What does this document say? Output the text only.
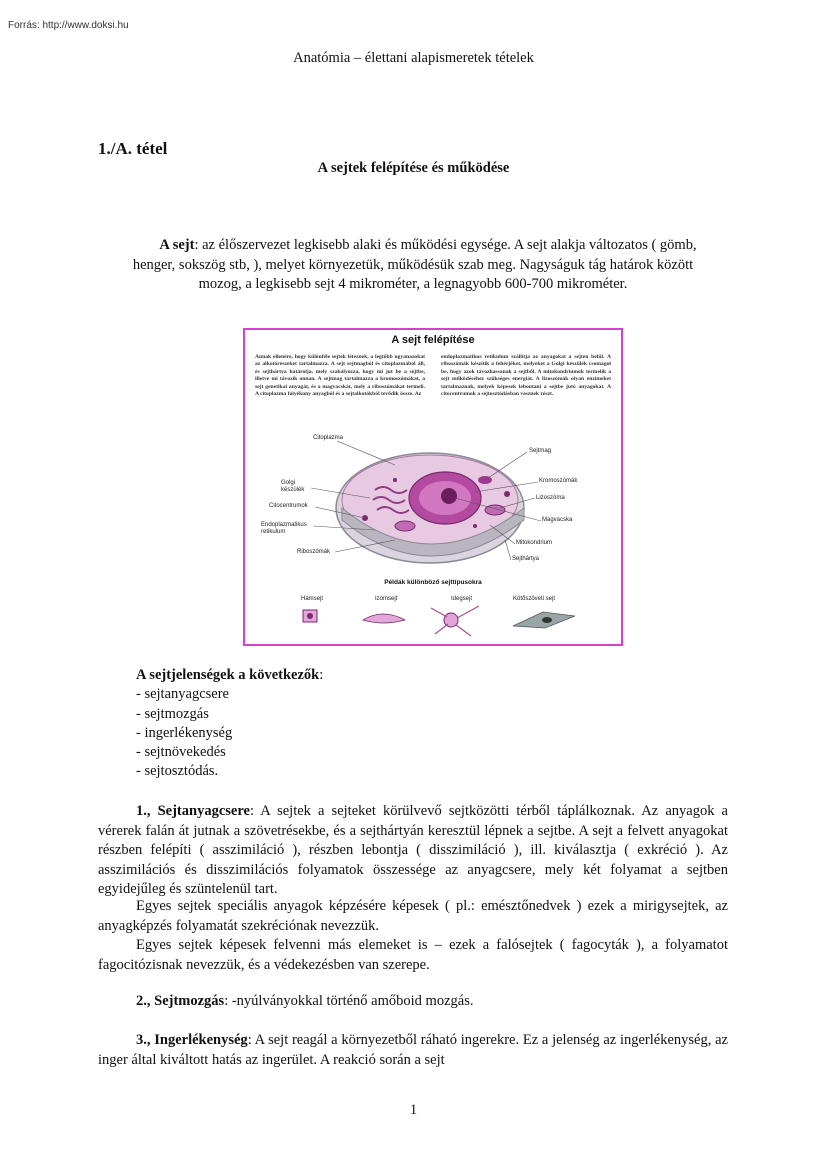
Forrás: http://www.doksi.hu
Anatómia – élettani alapismeretek tételek
1./A. tétel
A sejtek felépítése és működése
A sejt: az élőszervezet legkisebb alaki és működési egysége. A sejt alakja változatos ( gömb, henger, sokszög stb, ), melyet környezetük, működésük szab meg. Nagyságuk tág határok között mozog, a legkisebb sejt 4 mikrométer, a legnagyobb 600-700 mikrométer.
A sejt felépítése
Annak ellenére, hogy különféle sejtek léteznek, a legtöbb ugyanazokat az alkotórészeket tartalmazza. A sejt sejtmagból és citoplazmából áll, és sejthártya határolja, mely szabályozza, hogy mi jut be a sejtbe, illetve mi távozik onnan. A sejtmag tartalmazza a kromoszómákat, a sejt genetikai anyagát, és a magvacskát, mely a riboszómákat termeli. A citoplazma folyékony anyagból és a sejtalkotókból tevődik össze. Az
endoplazmatikus retikulum szállítja az anyagokat a sejten belül. A riboszómák készítik a fehérjéket, melyeket a Golgi készülék csomagol be, hogy azok távozhassanak a sejtből. A mitokondriumok termelik a sejt működéséhez szükséges energiát. A lizoszómák olyan enzimeket tartalmaznak, melyek képesek lebontani a sejtbe jutó anyagokat. A citocentrumok a sejtosztódásban vesznek részt.
Citoplazma
Golgi
készülék
Citocentrumok
Endoplazmatikus
retikulum
Riboszómák
Sejtmag
Kromoszómák
Lizoszóma
Magvacska
Mitokondrium
Sejthártya
Példák különböző sejttípusokra
Hámsejt	Izomsejt	Idegsejt	Kötőszöveti sejt
A sejtjelenségek a következők:
- sejtanyagcsere
- sejtmozgás
- ingerlékenység
- sejtnövekedés
- sejtosztódás.
1., Sejtanyagcsere: A sejtek a sejteket körülvevő sejtközötti térből táplálkoznak. Az anyagok a vérerek falán át jutnak a szövetrésekbe, és a sejthártyán keresztül lépnek a sejtbe. A sejt a felvett anyagokat részben felépíti ( asszimiláció ), részben lebontja ( disszimiláció ), ill. kiválasztja ( exkréció ). Az asszimilációs és disszimilációs folyamatok összessége az anyagcsere, mely két folyamat a sejtben egyidejűleg és szüntelenül tart.
Egyes sejtek speciális anyagok képzésére képesek ( pl.: emésztőnedvek ) ezek a mirigysejtek, az anyagképzés folyamatát szekréciónak nevezzük.
Egyes sejtek képesek felvenni más elemeket is – ezek a falósejtek ( fagocyták ), a folyamatot fagocitózisnak nevezzük, és a védekezésben van szerepe.
2., Sejtmozgás: -nyúlványokkal történő amőboid mozgás.
3., Ingerlékenység: A sejt reagál a környezetből ráható ingerekre. Ez a jelenség az ingerlékenység, az inger által kiváltott hatás az ingerület. A reakció során a sejt
1
